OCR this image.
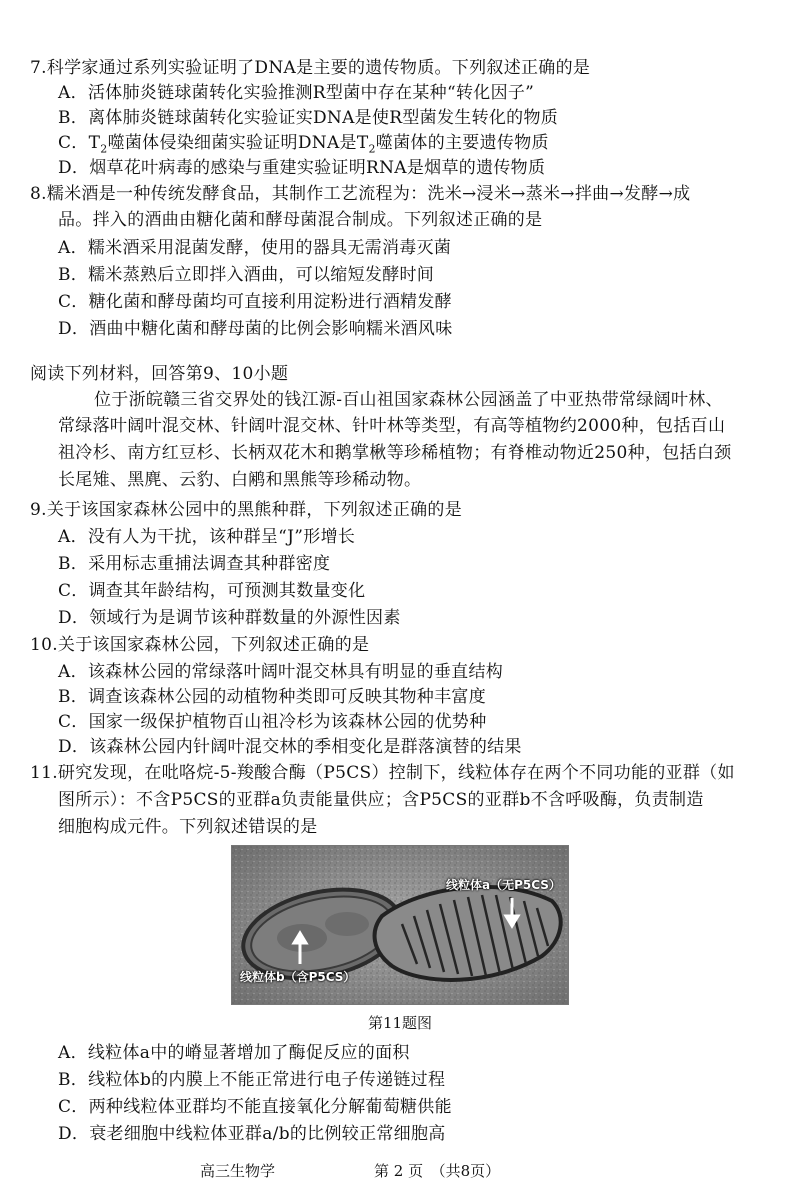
7.科学家通过系列实验证明了DNA是主要的遗传物质。下列叙述正确的是
A．活体肺炎链球菌转化实验推测R型菌中存在某种“转化因子”
B．离体肺炎链球菌转化实验证实DNA是使R型菌发生转化的物质
C．$T_2$噬菌体侵染细菌实验证明DNA是$T_2$噬菌体的主要遗传物质
D．烟草花叶病毒的感染与重建实验证明RNA是烟草的遗传物质
8.糯米酒是一种传统发酵食品，其制作工艺流程为：洗米→浸米→蒸米→拌曲→发酵→成
品。拌入的酒曲由糖化菌和酵母菌混合制成。下列叙述正确的是
A．糯米酒采用混菌发酵，使用的器具无需消毒灭菌
B．糯米蒸熟后立即拌入酒曲，可以缩短发酵时间
C．糖化菌和酵母菌均可直接利用淀粉进行酒精发酵
D．酒曲中糖化菌和酵母菌的比例会影响糯米酒风味
阅读下列材料，回答第9、10小题
位于浙皖赣三省交界处的钱江源-百山祖国家森林公园涵盖了中亚热带常绿阔叶林、
常绿落叶阔叶混交林、针阔叶混交林、针叶林等类型，有高等植物约2000种，包括百山
祖冷杉、南方红豆杉、长柄双花木和鹅掌楸等珍稀植物；有脊椎动物近250种，包括白颈
长尾雉、黑麂、云豹、白鹇和黑熊等珍稀动物。
9.关于该国家森林公园中的黑熊种群，下列叙述正确的是
A．没有人为干扰，该种群呈“J”形增长
B．采用标志重捕法调查其种群密度
C．调查其年龄结构，可预测其数量变化
D．领域行为是调节该种群数量的外源性因素
10.关于该国家森林公园，下列叙述正确的是
A．该森林公园的常绿落叶阔叶混交林具有明显的垂直结构
B．调查该森林公园的动植物种类即可反映其物种丰富度
C．国家一级保护植物百山祖冷杉为该森林公园的优势种
D．该森林公园内针阔叶混交林的季相变化是群落演替的结果
11.研究发现，在吡咯烷-5-羧酸合酶（P5CS）控制下，线粒体存在两个不同功能的亚群（如
图所示）：不含P5CS的亚群a负责能量供应；含P5CS的亚群b不含呼吸酶，负责制造
细胞构成元件。下列叙述错误的是
线粒体a（无P5CS）
线粒体b（含P5CS）
第11题图
A．线粒体a中的嵴显著增加了酶促反应的面积
B．线粒体b的内膜上不能正常进行电子传递链过程
C．两种线粒体亚群均不能直接氧化分解葡萄糖供能
D．衰老细胞中线粒体亚群a/b的比例较正常细胞高
高三生物学	第 2 页　（共8页）
